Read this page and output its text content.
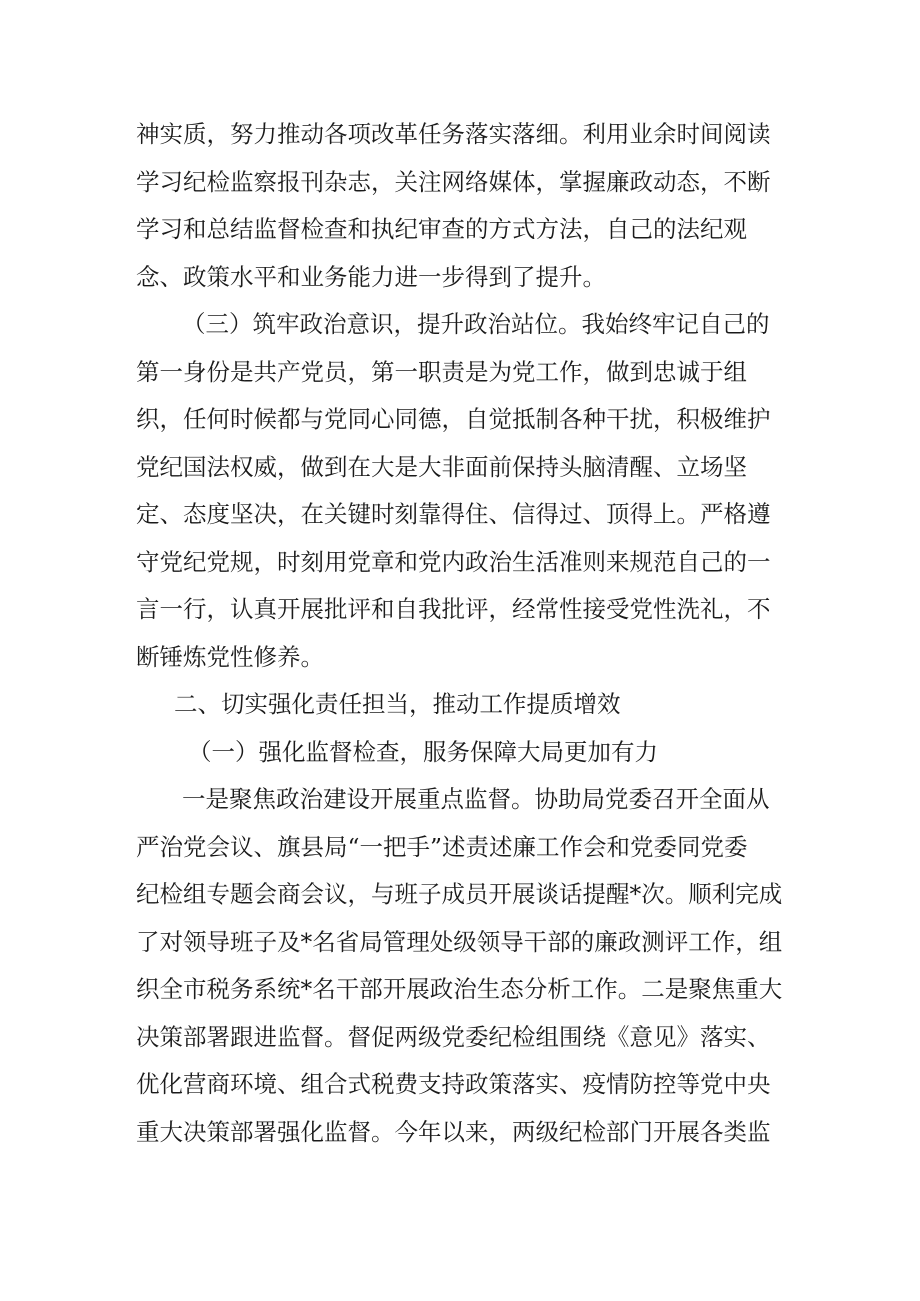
神实质，努力推动各项改革任务落实落细。利用业余时间阅读
学习纪检监察报刊杂志，关注网络媒体，掌握廉政动态，不断
学习和总结监督检查和执纪审查的方式方法，自己的法纪观
念、政策水平和业务能力进一步得到了提升。
（三）筑牢政治意识，提升政治站位。我始终牢记自己的
第一身份是共产党员，第一职责是为党工作，做到忠诚于组
织，任何时候都与党同心同德，自觉抵制各种干扰，积极维护
党纪国法权威，做到在大是大非面前保持头脑清醒、立场坚
定、态度坚决，在关键时刻靠得住、信得过、顶得上。严格遵
守党纪党规，时刻用党章和党内政治生活准则来规范自己的一
言一行，认真开展批评和自我批评，经常性接受党性洗礼，不
断锤炼党性修养。
二、切实强化责任担当，推动工作提质增效
（一）强化监督检查，服务保障大局更加有力
一是聚焦政治建设开展重点监督。协助局党委召开全面从
严治党会议、旗县局“一把手”述责述廉工作会和党委同党委
纪检组专题会商会议，与班子成员开展谈话提醒*次。顺利完成
了对领导班子及*名省局管理处级领导干部的廉政测评工作，组
织全市税务系统*名干部开展政治生态分析工作。二是聚焦重大
决策部署跟进监督。督促两级党委纪检组围绕《意见》落实、
优化营商环境、组合式税费支持政策落实、疫情防控等党中央
重大决策部署强化监督。今年以来，两级纪检部门开展各类监
